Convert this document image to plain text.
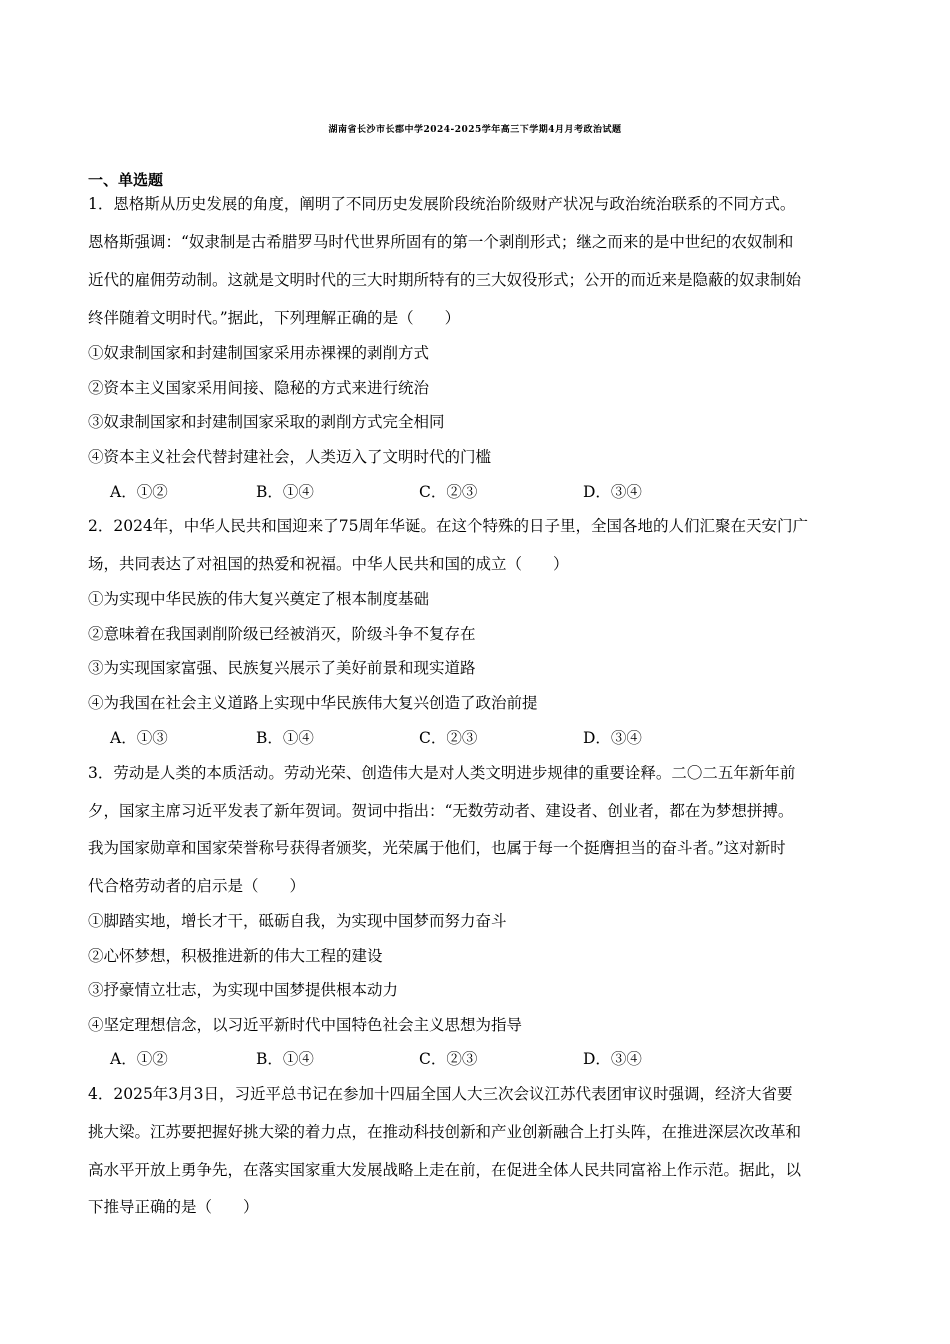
湖南省长沙市长郡中学2024-2025学年高三下学期4月月考政治试题
一、单选题
1．恩格斯从历史发展的角度，阐明了不同历史发展阶段统治阶级财产状况与政治统治联系的不同方式。
恩格斯强调：“奴隶制是古希腊罗马时代世界所固有的第一个剥削形式；继之而来的是中世纪的农奴制和
近代的雇佣劳动制。这就是文明时代的三大时期所特有的三大奴役形式；公开的而近来是隐蔽的奴隶制始
终伴随着文明时代。”据此，下列理解正确的是（　　）
①奴隶制国家和封建制国家采用赤裸裸的剥削方式
②资本主义国家采用间接、隐秘的方式来进行统治
③奴隶制国家和封建制国家采取的剥削方式完全相同
④资本主义社会代替封建社会，人类迈入了文明时代的门槛
A．①②	B．①④	C．②③	D．③④
2．2024年，中华人民共和国迎来了75周年华诞。在这个特殊的日子里，全国各地的人们汇聚在天安门广
场，共同表达了对祖国的热爱和祝福。中华人民共和国的成立（　　）
①为实现中华民族的伟大复兴奠定了根本制度基础
②意味着在我国剥削阶级已经被消灭，阶级斗争不复存在
③为实现国家富强、民族复兴展示了美好前景和现实道路
④为我国在社会主义道路上实现中华民族伟大复兴创造了政治前提
A．①③	B．①④	C．②③	D．③④
3．劳动是人类的本质活动。劳动光荣、创造伟大是对人类文明进步规律的重要诠释。二〇二五年新年前
夕，国家主席习近平发表了新年贺词。贺词中指出：“无数劳动者、建设者、创业者，都在为梦想拼搏。
我为国家勋章和国家荣誉称号获得者颁奖，光荣属于他们，也属于每一个挺膺担当的奋斗者。”这对新时
代合格劳动者的启示是（　　）
①脚踏实地，增长才干，砥砺自我，为实现中国梦而努力奋斗
②心怀梦想，积极推进新的伟大工程的建设
③抒豪情立壮志，为实现中国梦提供根本动力
④坚定理想信念，以习近平新时代中国特色社会主义思想为指导
A．①②	B．①④	C．②③	D．③④
4．2025年3月3日，习近平总书记在参加十四届全国人大三次会议江苏代表团审议时强调，经济大省要
挑大梁。江苏要把握好挑大梁的着力点，在推动科技创新和产业创新融合上打头阵，在推进深层次改革和
高水平开放上勇争先，在落实国家重大发展战略上走在前，在促进全体人民共同富裕上作示范。据此，以
下推导正确的是（　　）
